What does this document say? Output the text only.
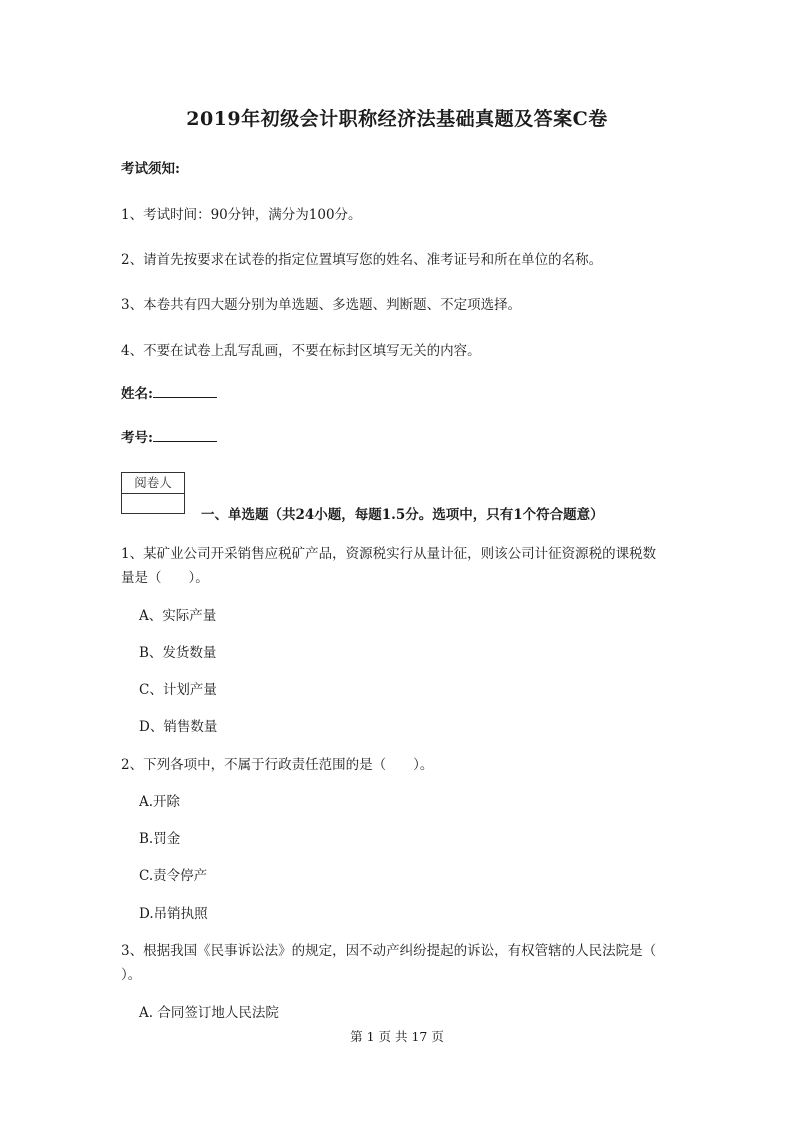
2019年初级会计职称经济法基础真题及答案C卷
考试须知:
1、考试时间：90分钟，满分为100分。
2、请首先按要求在试卷的指定位置填写您的姓名、准考证号和所在单位的名称。
3、本卷共有四大题分别为单选题、多选题、判断题、不定项选择。
4、不要在试卷上乱写乱画，不要在标封区填写无关的内容。
姓名:
考号:
阅卷人
一、单选题（共24小题，每题1.5分。选项中，只有1个符合题意）
1、某矿业公司开采销售应税矿产品，资源税实行从量计征，则该公司计征资源税的课税数
量是（　　）。
A、实际产量
B、发货数量
C、计划产量
D、销售数量
2、下列各项中，不属于行政责任范围的是（　　）。
A.开除
B.罚金
C.责令停产
D.吊销执照
3、根据我国《民事诉讼法》的规定，因不动产纠纷提起的诉讼，有权管辖的人民法院是（
）。
A. 合同签订地人民法院
第 1 页 共 17 页
